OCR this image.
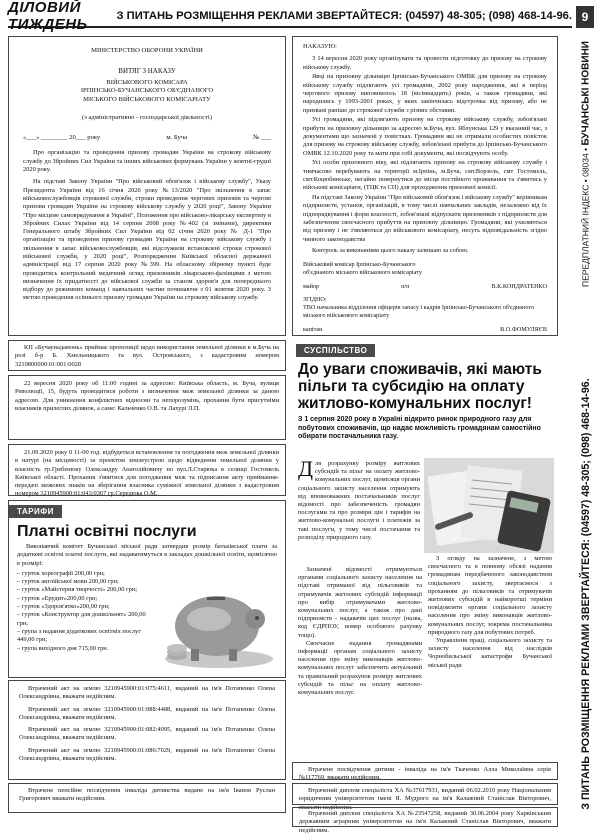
ДІЛОВИЙ ТИЖДЕНЬ	З ПИТАНЬ РОЗМІЩЕННЯ РЕКЛАМИ ЗВЕРТАЙТЕСЯ: (04597) 48-305; (098) 468-14-96. 9
ПЕРЕДПЛАТНИЙ ІНДЕКС • 08034 • БУЧАНСЬКІ НОВИНИ
З ПИТАНЬ РОЗМІЩЕННЯ РЕКЛАМИ ЗВЕРТАЙТЕСЯ: (04597) 48-305; (098) 468-14-96.
МІНІСТЕРСТВО ОБОРОНИ УКРАЇНИ
ВИТЯГ З НАКАЗУ
ВІЙСЬКОВОГО КОМІСАРА
ІРПІНСЬКО-БУЧАНСЬКОГО ОБ'ЄДНАНОГО
МІСЬКОГО ВІЙСЬКОВОГО КОМІСАРІАТУ
(з адміністративно - господарської діяльності)
«___» ________ 20___ року	м. Буча	№ ___

Про організацію та проведення призову громадян України на строкову військову службу до Збройних Сил України та інших військових формувань України у жовтні-грудні 2020 року.

На підставі Закону України "Про військовий обов'язок і військову службу", Указу Президента України від 16 січня 2020 року №13/2020 "Про звільнення в запас військовослужбовців строкової служби, строки проведення чергових призовів та чергові призови громадян України на строкову військову службу у 2020 році", Закону України "Про місцеве самоврядування в Україні", Положення про військово-лікарську експертизу в Збройних Силах України від 14 серпня 2008 року №402 (зі змінами), директиви Генерального штабу Збройних Сил України від 02 січня 2020 року № Д-1 "Про організацію та проведення призову громадян України на строкову військову службу і звільнення в запас військовослужбовців, які відслужили встановлені строки строкової військової служби, у 2020 році", Розпорядження Київської обласної державної адміністрації від 17 серпня 2020 року №399. На обласному збірному пункті буде проводитись контрольний медичний огляд призовників лікарською-фахівцями з метою визначення їх придатності до військової служби за станом здоров'я для попереднього відбору до режимних команд і навчальних частин починаючи з 01 жовтня 2020 року. З метою проведення осіннього призову громадян України на строкову військову службу.

НАКАЗУЮ:

З 14 вересня 2020 року організувати та провести підготовку до призову на строкову військову службу.

Явці на призовну дільницю Ірпінсько-Бучанського ОМВК для призову на строкову військову службу підлягають усі громадяни, 2002 року народження, які в період чергового призову виповнилось 18 (вісімнадцять) років, а також громадяни, які народились у 1993-2001 роках, у яких закінчилась відстрочка від призову, або не призвані раніше до строкової служби з різних обставин.

Усі громадяни, які підлягають призову на строкову військову службу, зобов'язані прибути на призовну дільницю за адресою м.Буча, вул. Яблунська 129 у вказаний час, з документами що зазначені у повістках. Громадяни які не отримали особистих повісток для призову на строкову військову службу, зобов'язані прибути до Ірпінсько-Бучанського ОМВК 12.10.2020 року та мати при собі документи, які посвідчують особу.

Усі особи призовного віку, які підлягають призову на строкову військову службу і тимчасово перебувають на території м.Ірпінь, м.Буча, смт.Ворзель, смт Гостомель, смт.Коцюбинське, негайно повернутися до місця постійного проживання та з'явитись у військові комісаріати, (ТЦК та СП) для проходження призовної комісії.

На підставі Закону України "Про військовий обов'язок і військову службу" керівникам підприємств, установ, організацій, в тому числі навчальних закладів, незалежно від їх підпорядкування і форм власності, зобов'язані відпускати призовників з підприємств для забезпечення своєчасного прибуття на призовну дільницю. Громадяни, які ухиляються від призову і не з'являються до військового комісаріату, несуть відповідальність згідно чинного законодавства

Контроль за виконанням цього наказу залишаю за собою.

Військовий комісар Ірпінсько-Бучанського
об'єднаного міського військового комісаріату
майор	п/п	В.К.КОНДРАТЕНКО
ЗГІДНО:
ТВО начальника відділення офіцерів запасу і кадрів Ірпінсько-Бучанського об'єднаного міського військового комісаріату
капітан	В.О.ФОМУЛЯЄВ

КП «Бучаунадамонь» приймає пропозиції щодо використання земельної ділянки в м.Буча на розі б-р Б. Хмельницького та вул. Островського, з кадастровим номером 3210800000:01:001:0028

22 вересня 2020 року об 11:00 годині за адресою: Київська область, м. Буча, вулиця Революції, 15, будуть проводитися роботи з визначення меж земельної ділянки за даною адресою. Для уникнення конфліктних відносин та непорозумінь, прохання бути присутніми власників прилеглих ділянок, а саме: Кальченко О.В. та Лахурі Л.П.

21.09.2020 року 0 11-00 год. відбудеться встановлення та погодження меж земельної ділянки в натурі (на місцевості) за проектом землеустрою щодо відведення земельної ділянки у власність гр.Гребенюку Олександру Анатолійовичу по вул.Л.Старюка в селищі Гостомель Київської області. Прохання з'явитися для погодження меж та підписання акту приймання-передачі межових знаків на зберігання власника суміжної земельної ділянки з кадастровим номером 3210945900:01:043:0367 гр.Середюка О.М.

ТАРИФИ
Платні освітні послуги

Виконавчий комітет Бучанської міської ради затвердив розмір батьківської плати за додаткові освітні платні послуги, які надаватимуться в закладах дошкільної освіти, щомісячно в розмірі:

– гурток хореографії 200,00 грн;
– гурток англійської мови 200,00 грн;
– гурток «Майстерня творчості» 200,00 грн;
– гурток «Ерудит»200,00 грн;
– гурток «Здоров'ятко»200,00 грн;
– гурток «Конструктор для дошкільнят» 200,00 грн;
– група з надання додаткових освітніх послуг 449,00 грн;
– група вихідного дня 715,00 грн.

Втрачений акт на землю 3210945900:01:075:4611, виданий на ім'я Потапенко Олена Олександрівна, вважати недійсним.

Втрачений акт на землю 3210945900:01:088:4488, виданий на ім'я Потапенко Олена Олександрівна, вважати недійсним.

Втрачений акт на землю 3210945900:01:082:4095, виданий на ім'я Потапенко Олена Олександрівна, вважати недійсним.

Втрачений акт на землю 3210945900:01:086:7029, виданий на ім'я Потапенко Олена Олександрівна, вважати недійсним.

Втрачене пенсійне посвідчення інваліда дитинства видане на ім'я Іванов Руслан Григорович вважати недійсним.

СУСПІЛЬСТВО
До уваги споживачів, які мають пільги та субсидію на оплату житлово-комунальних послуг!
З 1 серпня 2020 року в Україні відкрито ринок природного газу для побутових споживачів, що надає можливість громадянам самостійно обирати постачальника газу.

Для розрахунку розміру житлових субсидій та пільг на оплату житлово-комунальних послуг, щомісяця органи соціального захисту населення отримують від вповноважних постачальників послуг відомості про забезпеченість громадян послугами та про розміри цін і тарифів на житлово-комунальні послуги і платежів за такі послуги, у тому числі постачання та розподілу природного газу.

Зазначені відомості отримуються органами соціального захисту населення на підставі отриманої від пільговиків та отримувачів житлових субсидій інформації про вибір отримувачами житлово-комунальних послуг, а також про дані підприємств - надавачів цих послуг (назва, код ЄДРПОУ, номер особового рахунку тощо).

Своєчасне надання громадянами інформації органам соціального захисту населення про зміну виконавців житлово-комунальних послуг забезпечить актуальний та правильний розрахунок розміру житлових субсидій та пільг на оплату житлово-комунальних послуг.

З огляду на зазначене, з метою своєчасного та в повному обсязі надання громадянам передбаченого законодавством соціального захисту, звертаємося з проханням до пільговиків та отримувачів житлових субсидій в найкоротші терміни повідомляти органи соціального захисту населення про зміну виконавців житлово-комунальних послуг, зокрема постачальника природного газу для побутових потреб.

Управління праці, соціального захисту та захисту населення від наслідків Чорнобильської катастрофи Бучанської міської ради

Втрачене посвідчення дитини - інваліда на ім'я Ткаченко Алла Миколаївна серія №117769, вважати недійсним.

Втрачений диплом спеціаліста ХА №37617931, виданий 06.02.2010 року Національним юридичним університетом імені Я. Мудрого на ім'я Калажний Станіслав Вікторович, вважати недійсним.

Втрачений диплом спеціаліста ХА №23547258, виданий 30.06.2004 року Харківським державним аграрним університетом на ім'я Калажний Станіслав Вікторович, вважати недійсним.
